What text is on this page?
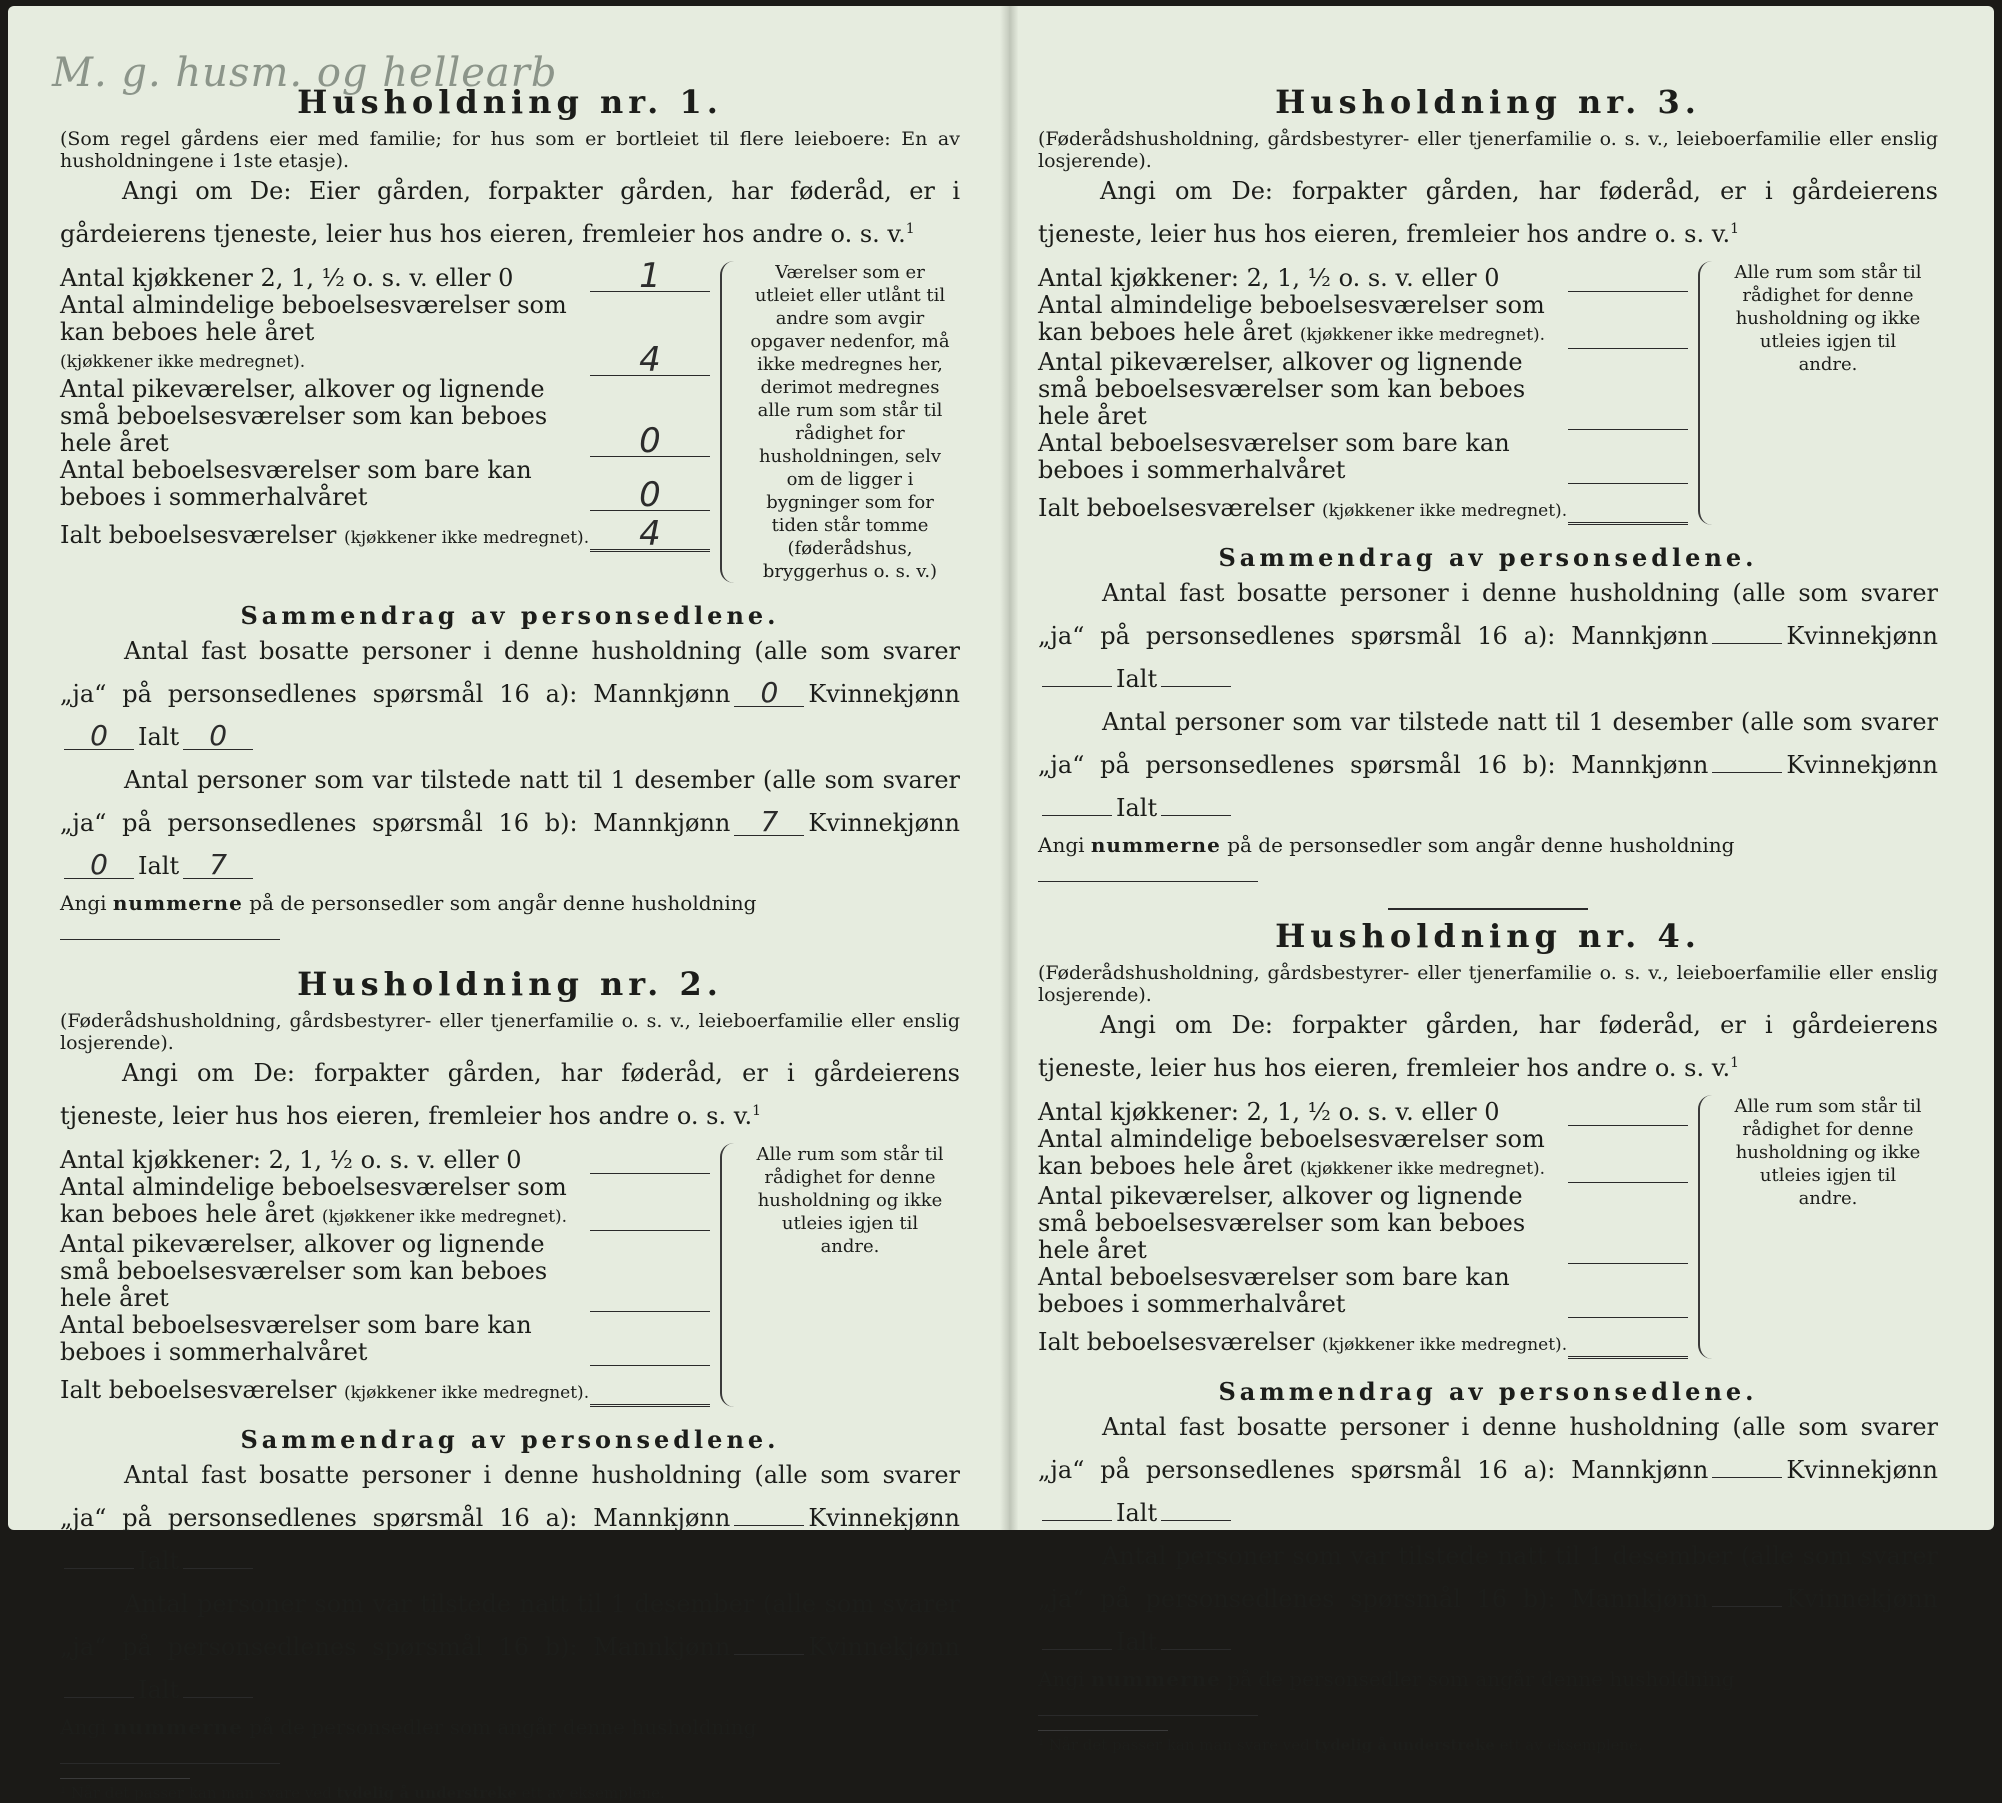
M. g. husm. og hellearb
Husholdning nr. 1.
(Som regel gårdens eier med familie; for hus som er bortleiet til flere leieboere: En av husholdningene i 1ste etasje).
Angi om De: Eier gården, forpakter gården, har føderåd, er i gårdeierens tjeneste, leier hus hos eieren, fremleier hos andre o. s. v.$^1$
Antal kjøkkener 2, 1, ½ o. s. v. eller 0	1
Antal almindelige beboelsesværelser som kan beboes hele året
(kjøkkener ikke medregnet).	4
Antal pikeværelser, alkover og lignende små beboelsesværelser som kan beboes hele året	0
Antal beboelsesværelser som bare kan beboes i sommerhalvåret	0
Ialt beboelsesværelser (kjøkkener ikke medregnet).	4
Værelser som er utleiet eller utlånt til andre som avgir opgaver nedenfor, må ikke medregnes her, derimot medregnes alle rum som står til rådighet for husholdningen, selv om de ligger i bygninger som for tiden står tomme (føderådshus, bryggerhus o. s. v.)
Sammendrag av personsedlene.
Antal fast bosatte personer i denne husholdning (alle som svarer „ja“ på personsedlenes spørsmål 16 a): Mannkjønn 0 Kvinnekjønn0 Ialt 0
Antal personer som var tilstede natt til 1 desember (alle som svarer „ja“ på personsedlenes spørsmål 16 b): Mannkjønn 7 Kvinnekjønn0 Ialt 7
Angi nummerne på de personsedler som angår denne husholdning
Husholdning nr. 2.
(Føderådshusholdning, gårdsbestyrer- eller tjenerfamilie o. s. v., leieboerfamilie eller enslig losjerende).
Angi om De: forpakter gården, har føderåd, er i gårdeierens tjeneste, leier hus hos eieren, fremleier hos andre o. s. v.$^1$
Antal kjøkkener: 2, 1, ½ o. s. v. eller 0
Antal almindelige beboelsesværelser som kan beboes hele året (kjøkkener ikke medregnet).
Antal pikeværelser, alkover og lignende små beboelsesværelser som kan beboes hele året
Antal beboelsesværelser som bare kan beboes i sommerhalvåret
Ialt beboelsesværelser (kjøkkener ikke medregnet).
Alle rum som står til rådighet for denne husholdning og ikke utleies igjen til andre.
Sammendrag av personsedlene.
Antal fast bosatte personer i denne husholdning (alle som svarer „ja“ på personsedlenes spørsmål 16 a): Mannkjønn	KvinnekjønnIalt
Antal personer som var tilstede natt til 1 desember (alle som svarer „ja“ på personsedlenes spørsmål 16 b): Mannkjønn	KvinnekjønnIalt
Angi nummerne på de personsedler som angår denne husholdning
¹ Når det passer kan man svare ved tydelig å understreke ett av eksemplene.
Husholdning nr. 3.
(Føderådshusholdning, gårdsbestyrer- eller tjenerfamilie o. s. v., leieboerfamilie eller enslig losjerende).
Angi om De: forpakter gården, har føderåd, er i gårdeierens tjeneste, leier hus hos eieren, fremleier hos andre o. s. v.$^1$
Antal kjøkkener: 2, 1, ½ o. s. v. eller 0
Antal almindelige beboelsesværelser som kan beboes hele året (kjøkkener ikke medregnet).
Antal pikeværelser, alkover og lignende små beboelsesværelser som kan beboes hele året
Antal beboelsesværelser som bare kan beboes i sommerhalvåret
Ialt beboelsesværelser (kjøkkener ikke medregnet).
Alle rum som står til rådighet for denne husholdning og ikke utleies igjen til andre.
Sammendrag av personsedlene.
Antal fast bosatte personer i denne husholdning (alle som svarer „ja“ på personsedlenes spørsmål 16 a): Mannkjønn	KvinnekjønnIalt
Antal personer som var tilstede natt til 1 desember (alle som svarer „ja“ på personsedlenes spørsmål 16 b): Mannkjønn	KvinnekjønnIalt
Angi nummerne på de personsedler som angår denne husholdning
Husholdning nr. 4.
(Føderådshusholdning, gårdsbestyrer- eller tjenerfamilie o. s. v., leieboerfamilie eller enslig losjerende).
Angi om De: forpakter gården, har føderåd, er i gårdeierens tjeneste, leier hus hos eieren, fremleier hos andre o. s. v.$^1$
Antal kjøkkener: 2, 1, ½ o. s. v. eller 0
Antal almindelige beboelsesværelser som kan beboes hele året (kjøkkener ikke medregnet).
Antal pikeværelser, alkover og lignende små beboelsesværelser som kan beboes hele året
Antal beboelsesværelser som bare kan beboes i sommerhalvåret
Ialt beboelsesværelser (kjøkkener ikke medregnet).
Alle rum som står til rådighet for denne husholdning og ikke utleies igjen til andre.
Sammendrag av personsedlene.
Antal fast bosatte personer i denne husholdning (alle som svarer „ja“ på personsedlenes spørsmål 16 a): Mannkjønn	KvinnekjønnIalt
Antal personer som var tilstede natt til 1 desember (alle som svarer „ja“ på personsedlenes spørsmål 16 b): Mannkjønn	KvinnekjønnIalt
Angi nummerne på de personsedler som angår denne husholdning
¹ Når det passer kan man svare ved tydelig å understreke ett av eksemplene.
